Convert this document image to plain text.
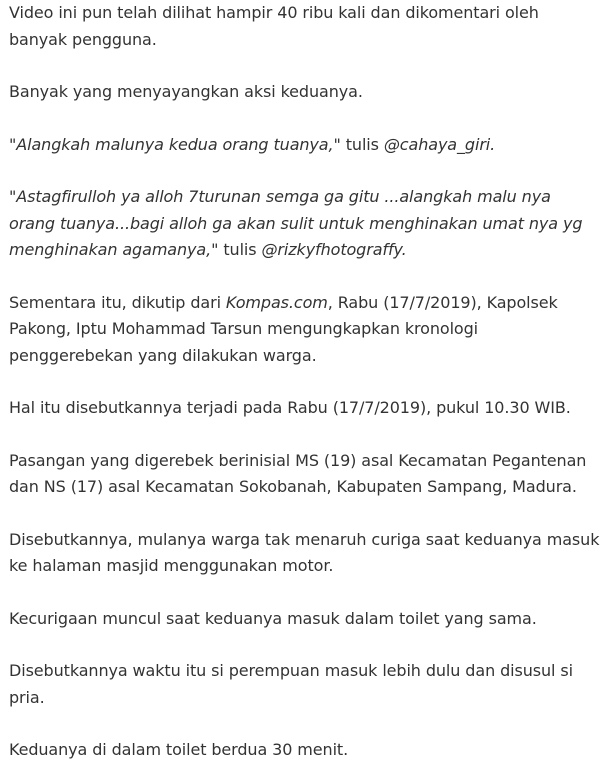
Video ini pun telah dilihat hampir 40 ribu kali dan dikomentari oleh banyak pengguna.

Banyak yang menyayangkan aksi keduanya.

"Alangkah malunya kedua orang tuanya," tulis @cahaya_giri.

"Astagfirulloh ya alloh 7turunan semga ga gitu ...alangkah malu nya orang tuanya...bagi alloh ga akan sulit untuk menghinakan umat nya yg menghinakan agamanya," tulis @rizkyfhotograffy.

Sementara itu, dikutip dari Kompas.com, Rabu (17/7/2019), Kapolsek Pakong, Iptu Mohammad Tarsun mengungkapkan kronologi penggerebekan yang dilakukan warga.

Hal itu disebutkannya terjadi pada Rabu (17/7/2019), pukul 10.30 WIB.

Pasangan yang digerebek berinisial MS (19) asal Kecamatan Pegantenan dan NS (17) asal Kecamatan Sokobanah, Kabupaten Sampang, Madura.

Disebutkannya, mulanya warga tak menaruh curiga saat keduanya masuk ke halaman masjid menggunakan motor.

Kecurigaan muncul saat keduanya masuk dalam toilet yang sama.

Disebutkannya waktu itu si perempuan masuk lebih dulu dan disusul si pria.

Keduanya di dalam toilet berdua 30 menit.
